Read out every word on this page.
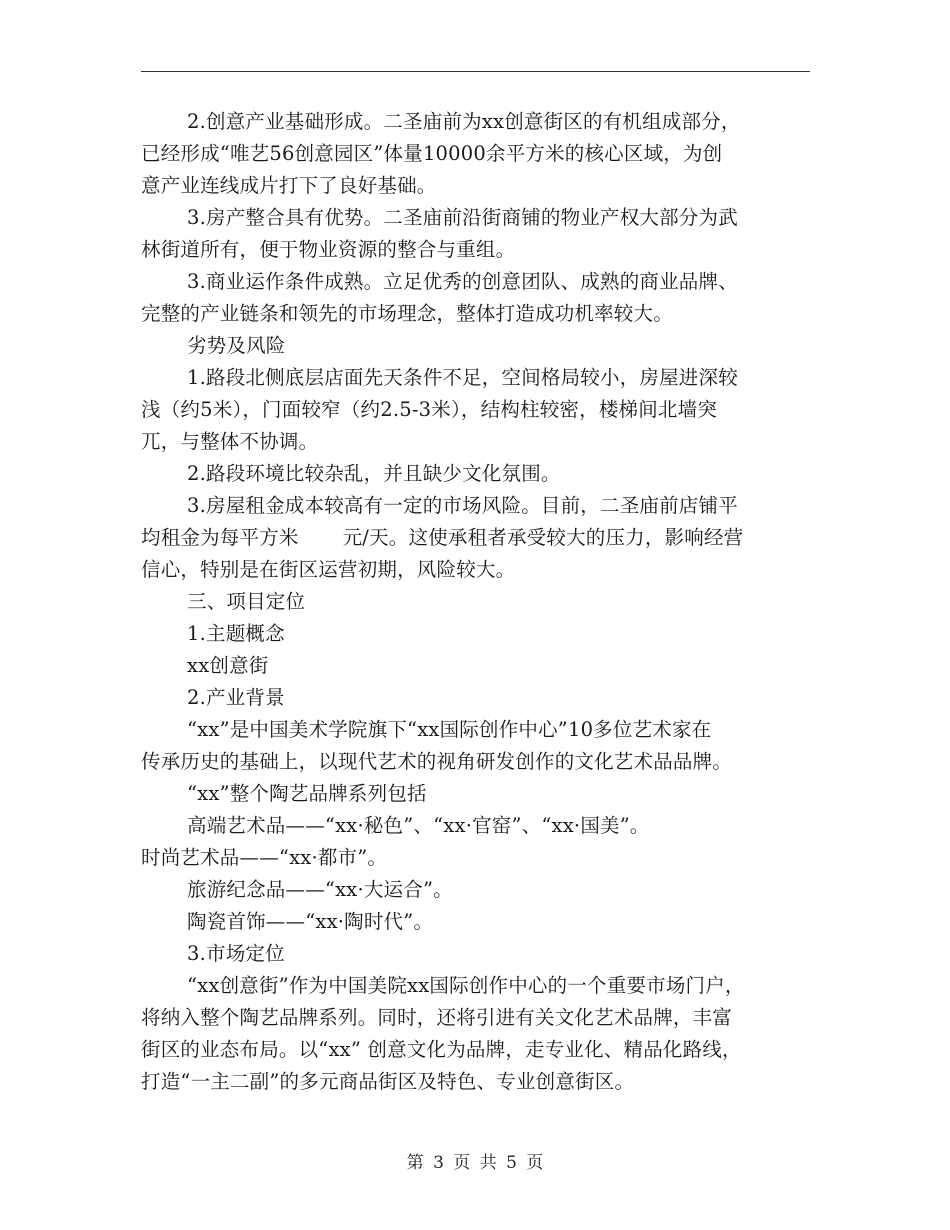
2.创意产业基础形成。二圣庙前为xx创意街区的有机组成部分，
已经形成“唯艺56创意园区”体量10000余平方米的核心区域，为创
意产业连线成片打下了良好基础。
3.房产整合具有优势。二圣庙前沿街商铺的物业产权大部分为武
林街道所有，便于物业资源的整合与重组。
3.商业运作条件成熟。立足优秀的创意团队、成熟的商业品牌、
完整的产业链条和领先的市场理念，整体打造成功机率较大。
劣势及风险
1.路段北侧底层店面先天条件不足，空间格局较小，房屋进深较
浅（约5米），门面较窄（约2.5-3米），结构柱较密，楼梯间北墙突
兀，与整体不协调。
2.路段环境比较杂乱，并且缺少文化氛围。
3.房屋租金成本较高有一定的市场风险。目前，二圣庙前店铺平
均租金为每平方米 元/天。这使承租者承受较大的压力，影响经营
信心，特别是在街区运营初期，风险较大。
三、项目定位
1.主题概念
xx创意街
2.产业背景
“xx”是中国美术学院旗下“xx国际创作中心”10多位艺术家在
传承历史的基础上，以现代艺术的视角研发创作的文化艺术品品牌。
“xx”整个陶艺品牌系列包括
高端艺术品——“xx·秘色”、“xx·官窑”、“xx·国美”。
时尚艺术品——“xx·都市”。
旅游纪念品——“xx·大运合”。
陶瓷首饰——“xx·陶时代”。
3.市场定位
“xx创意街”作为中国美院xx国际创作中心的一个重要市场门户，
将纳入整个陶艺品牌系列。同时，还将引进有关文化艺术品牌，丰富
街区的业态布局。以“xx” 创意文化为品牌，走专业化、精品化路线，
打造“一主二副”的多元商品街区及特色、专业创意街区。
第 3 页 共 5 页
